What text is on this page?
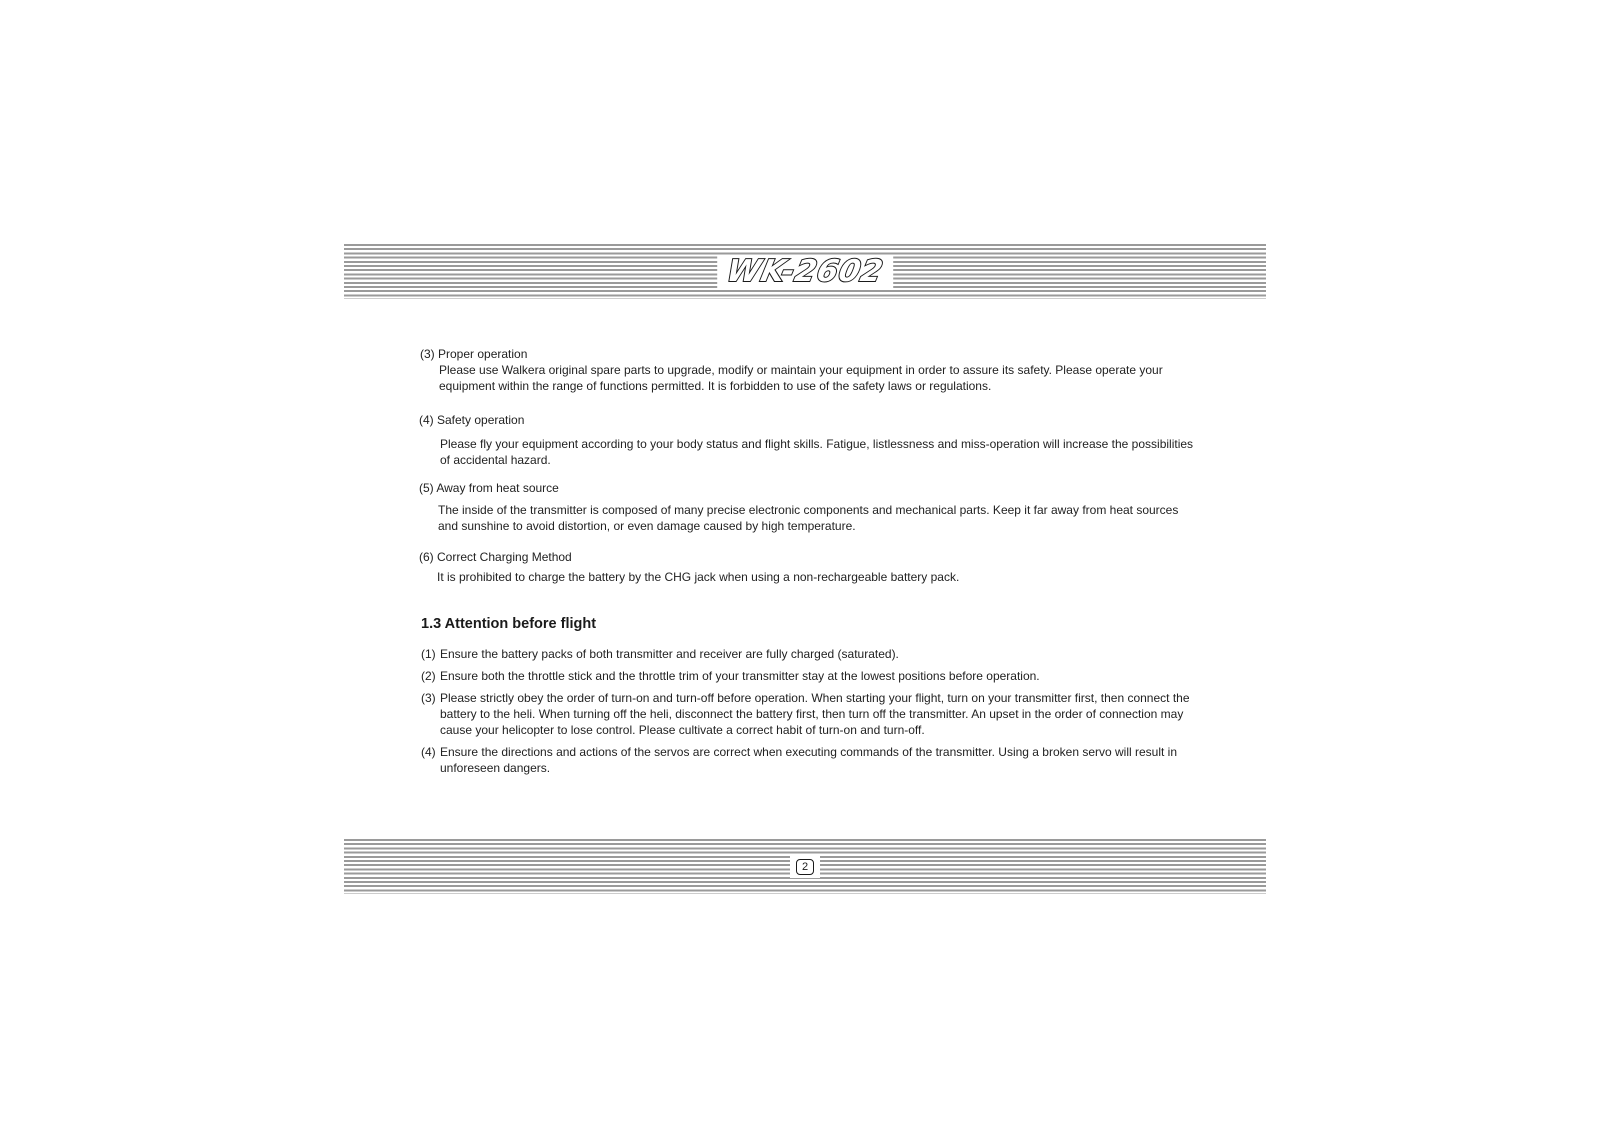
WK-2602
(3) Proper operation
Please use Walkera original spare parts to upgrade, modify or maintain your equipment in order to assure its safety. Please operate your equipment within the range of functions permitted. It is forbidden to use of the safety laws or regulations.
(4) Safety operation
Please fly your equipment according to your body status and flight skills. Fatigue, listlessness and miss-operation will increase the possibilities of accidental hazard.
(5) Away from heat source
The inside of the transmitter is composed of many precise electronic components and mechanical parts. Keep it far away from heat sources and sunshine to avoid distortion, or even damage caused by high temperature.
(6) Correct Charging Method
It is prohibited to charge the battery by the CHG jack when using a non-rechargeable battery pack.
1.3 Attention before flight
(1) Ensure the battery packs of both transmitter and receiver are fully charged (saturated).
(2) Ensure both the throttle stick and the throttle trim of your transmitter stay at the lowest positions before operation.
(3) Please strictly obey the order of turn-on and turn-off before operation. When starting your flight, turn on your transmitter first, then connect the battery to the heli. When turning off the heli, disconnect the battery first, then turn off the transmitter. An upset in the order of connection may cause your helicopter to lose control. Please cultivate a correct habit of turn-on and turn-off.
(4) Ensure the directions and actions of the servos are correct when executing commands of the transmitter. Using a broken servo will result in unforeseen dangers.
2
